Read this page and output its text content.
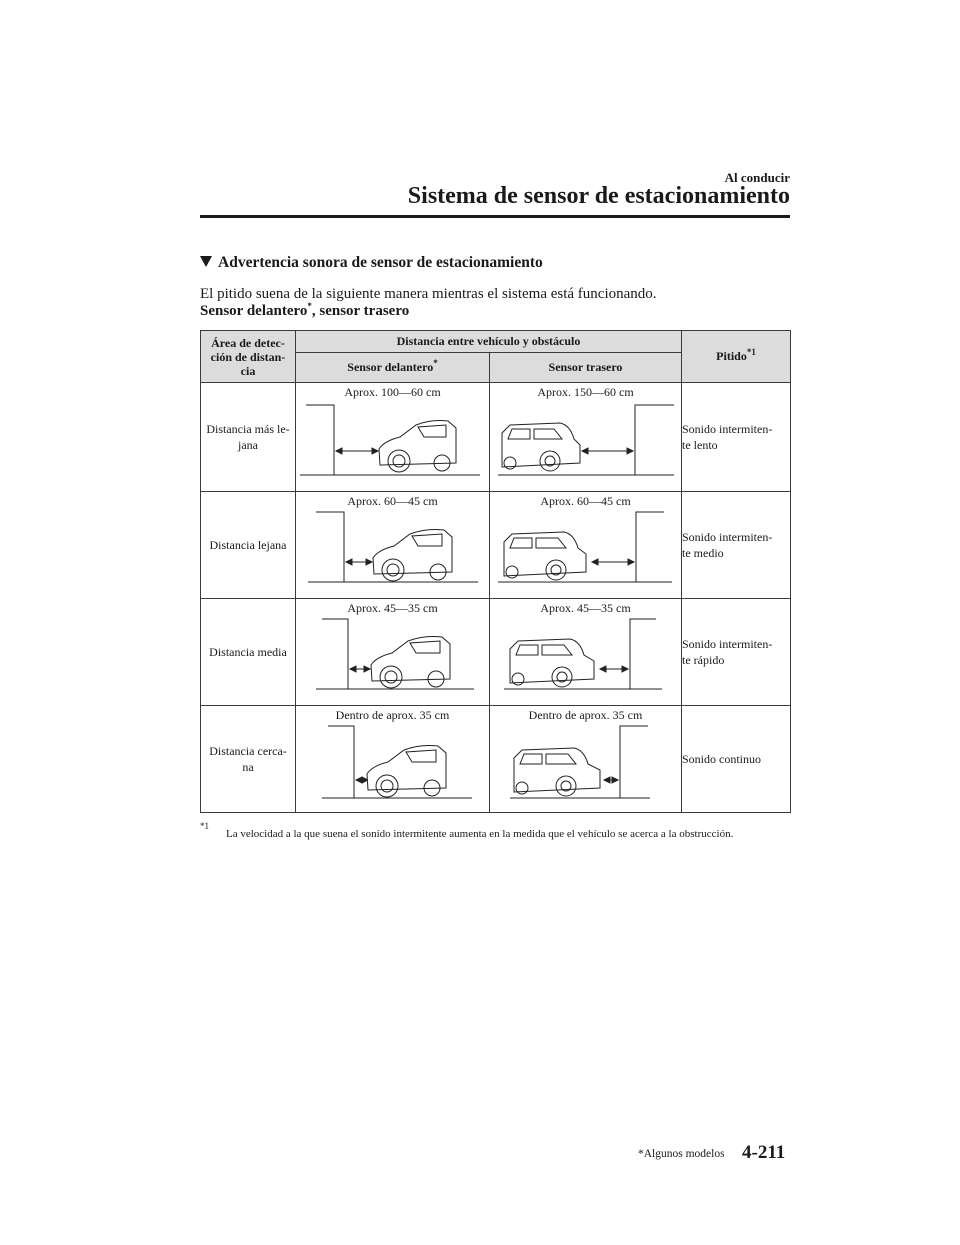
Al conducir
Sistema de sensor de estacionamiento
Advertencia sonora de sensor de estacionamiento
El pitido suena de la siguiente manera mientras el sistema está funcionando.
Sensor delantero*, sensor trasero
Área de detec-
ción de distan-
cia	Distancia entre vehículo y obstáculo		Pitido$^{*1}$
	Sensor delantero*	Sensor trasero	
Distancia más le-
jana	Aprox. 100―60 cm	Aprox. 150―60 cm	Sonido intermiten-
te lento
Distancia lejana	Aprox. 60―45 cm	Aprox. 60―45 cm	Sonido intermiten-
te medio
Distancia media	Aprox. 45―35 cm	Aprox. 45―35 cm	Sonido intermiten-
te rápido
Distancia cerca-
na	Dentro de aprox. 35 cm	Dentro de aprox. 35 cm	Sonido continuo
*1
La velocidad a la que suena el sonido intermitente aumenta en la medida que el vehículo se acerca a la obstrucción.
*Algunos modelos 4-211
